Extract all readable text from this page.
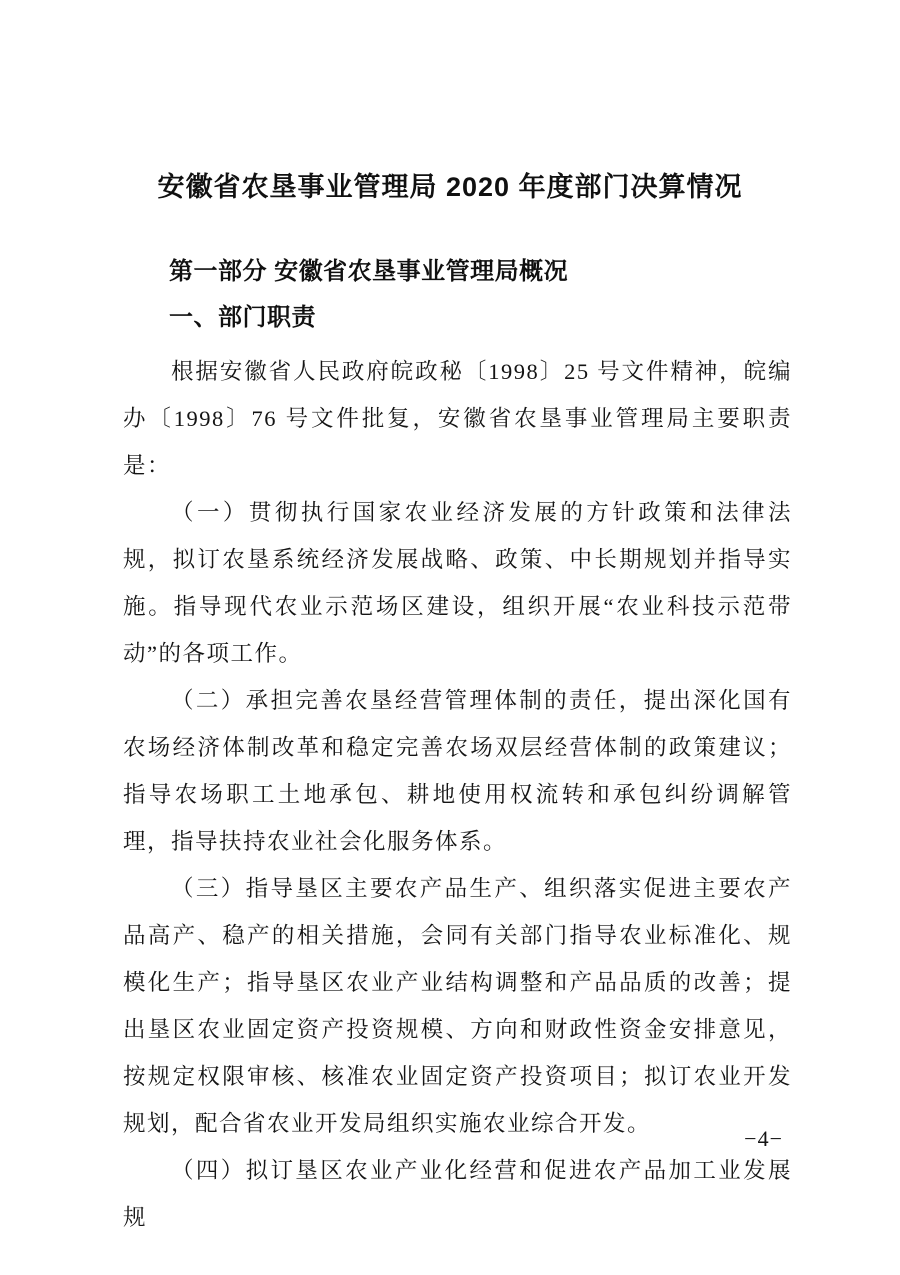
安徽省农垦事业管理局 2020 年度部门决算情况
第一部分 安徽省农垦事业管理局概况
一、部门职责

根据安徽省人民政府皖政秘〔1998〕25 号文件精神，皖编办〔1998〕76 号文件批复，安徽省农垦事业管理局主要职责是：

（一）贯彻执行国家农业经济发展的方针政策和法律法规，拟订农垦系统经济发展战略、政策、中长期规划并指导实施。指导现代农业示范场区建设，组织开展“农业科技示范带动”的各项工作。

（二）承担完善农垦经营管理体制的责任，提出深化国有农场经济体制改革和稳定完善农场双层经营体制的政策建议；指导农场职工土地承包、耕地使用权流转和承包纠纷调解管理，指导扶持农业社会化服务体系。

（三）指导垦区主要农产品生产、组织落实促进主要农产品高产、稳产的相关措施，会同有关部门指导农业标准化、规模化生产；指导垦区农业产业结构调整和产品品质的改善；提出垦区农业固定资产投资规模、方向和财政性资金安排意见，按规定权限审核、核准农业固定资产投资项目；拟订农业开发规划，配合省农业开发局组织实施农业综合开发。

（四）拟订垦区农业产业化经营和促进农产品加工业发展规

−4−
